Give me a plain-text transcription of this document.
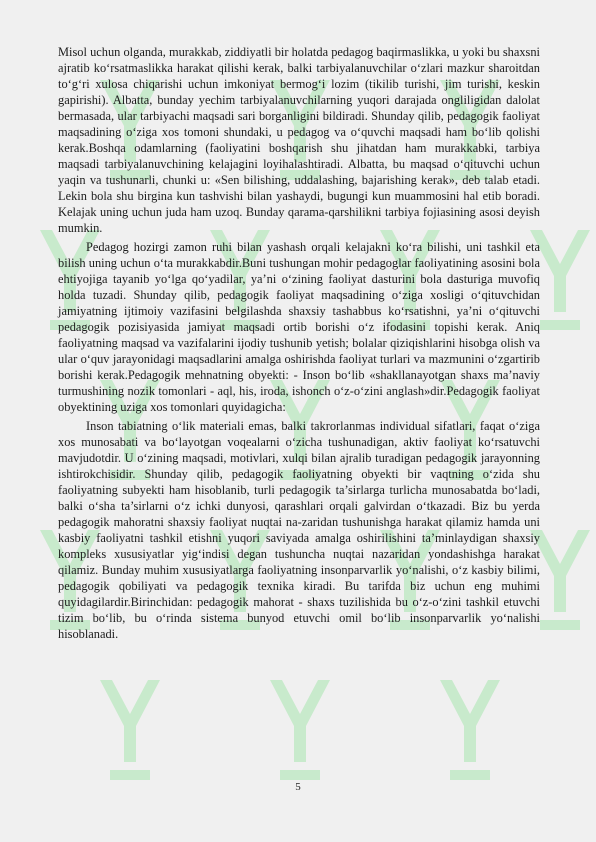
Misol uchun olganda, murakkab, ziddiyatli bir holatda pedagog baqirmaslikka, u yoki bu shaxsni ajratib ko‘rsatmaslikka harakat qilishi kerak, balki tarbiyalanuvchilar o‘zlari mazkur sharoitdan to‘g‘ri xulosa chiqarishi uchun imkoniyat bermog‘i lozim (tikilib turishi, jim turishi, keskin gapirishi). Albatta, bunday yechim tarbiyalanuvchilarning yuqori darajada ongliligidan dalolat bermasada, ular tarbiyachi maqsadi sari borganligini bildiradi. Shunday qilib, pedagogik faoliyat maqsadining o‘ziga xos tomoni shundaki, u pedagog va o‘quvchi maqsadi ham bo‘lib qolishi kerak.Boshqa odamlarning (faoliyatini boshqarish shu jihatdan ham murakkabki, tarbiya maqsadi tarbiyalanuvchining kelajagini loyihalashtiradi. Albatta, bu maqsad o‘qituvchi uchun yaqin va tushunarli, chunki u: «Sen bilishing, uddalashing, bajarishing kerak», deb talab etadi. Lekin bola shu birgina kun tashvishi bilan yashaydi, bugungi kun muammosini hal etib boradi. Kelajak uning uchun juda ham uzoq. Bunday qarama-qarshilikni tarbiya fojiasining asosi deyish mumkin.

Pedagog hozirgi zamon ruhi bilan yashash orqali kelajakni ko‘ra bilishi, uni tashkil eta bilish uning uchun o‘ta murakkabdir.Buni tushungan mohir pedagoglar faoliyatining asosini bola ehtiyojiga tayanib yo‘lga qo‘yadilar, ya’ni o‘zining faoliyat dasturini bola dasturiga muvofiq holda tuzadi. Shunday qilib, pedagogik faoliyat maqsadining o‘ziga xosligi o‘qituvchidan jamiyatning ijtimoiy vazifasini belgilashda shaxsiy tashabbus ko‘rsatishni, ya’ni o‘qituvchi pedagogik pozisiyasida jamiyat maqsadi ortib borishi o‘z ifodasini topishi kerak. Aniq faoliyatning maqsad va vazifalarini ijodiy tushunib yetish; bolalar qiziqishlarini hisobga olish va ular o‘quv jarayonidagi maqsadlarini amalga oshirishda faoliyat turlari va mazmunini o‘zgartirib borishi kerak.Pedagogik mehnatning obyekti: - Inson bo‘lib «shakllanayotgan shaxs ma’naviy turmushining nozik tomonlari - aql, his, iroda, ishonch o‘z-o‘zini anglash»dir.Pedagogik faoliyat obyektining uziga xos tomonlari quyidagicha:

Inson tabiatning o‘lik materiali emas, balki takrorlanmas individual sifatlari, faqat o‘ziga xos munosabati va bo‘layotgan voqealarni o‘zicha tushunadigan, aktiv faoliyat ko‘rsatuvchi mavjudotdir. U o‘zining maqsadi, motivlari, xulqi bilan ajralib turadigan pedagogik jarayonning ishtirokchisidir. Shunday qilib, pedagogik faoliyatning obyekti bir vaqtning o‘zida shu faoliyatning subyekti ham hisoblanib, turli pedagogik ta’sirlarga turlicha munosabatda bo‘ladi, balki o‘sha ta’sirlarni o‘z ichki dunyosi, qarashlari orqali galvirdan o‘tkazadi. Biz bu yerda pedagogik mahoratni shaxsiy faoliyat nuqtai na-zaridan tushunishga harakat qilamiz hamda uni kasbiy faoliyatni tashkil etishni yuqori saviyada amalga oshirilishini ta’minlaydigan shaxsiy kompleks xususiyatlar yig‘indisi degan tushuncha nuqtai nazaridan yondashishga harakat qilamiz. Bunday muhim xususiyatlarga faoliyatning insonparvarlik yo‘nalishi, o‘z kasbiy bilimi, pedagogik qobiliyati va pedagogik texnika kiradi. Bu tarifda biz uchun eng muhimi quyidagilardir.Birinchidan: pedagogik mahorat - shaxs tuzilishida bu o‘z-o‘zini tashkil etuvchi tizim bo‘lib, bu o‘rinda sistema bunyod etuvchi omil bo‘lib insonparvarlik yo‘nalishi hisoblanadi.

5
